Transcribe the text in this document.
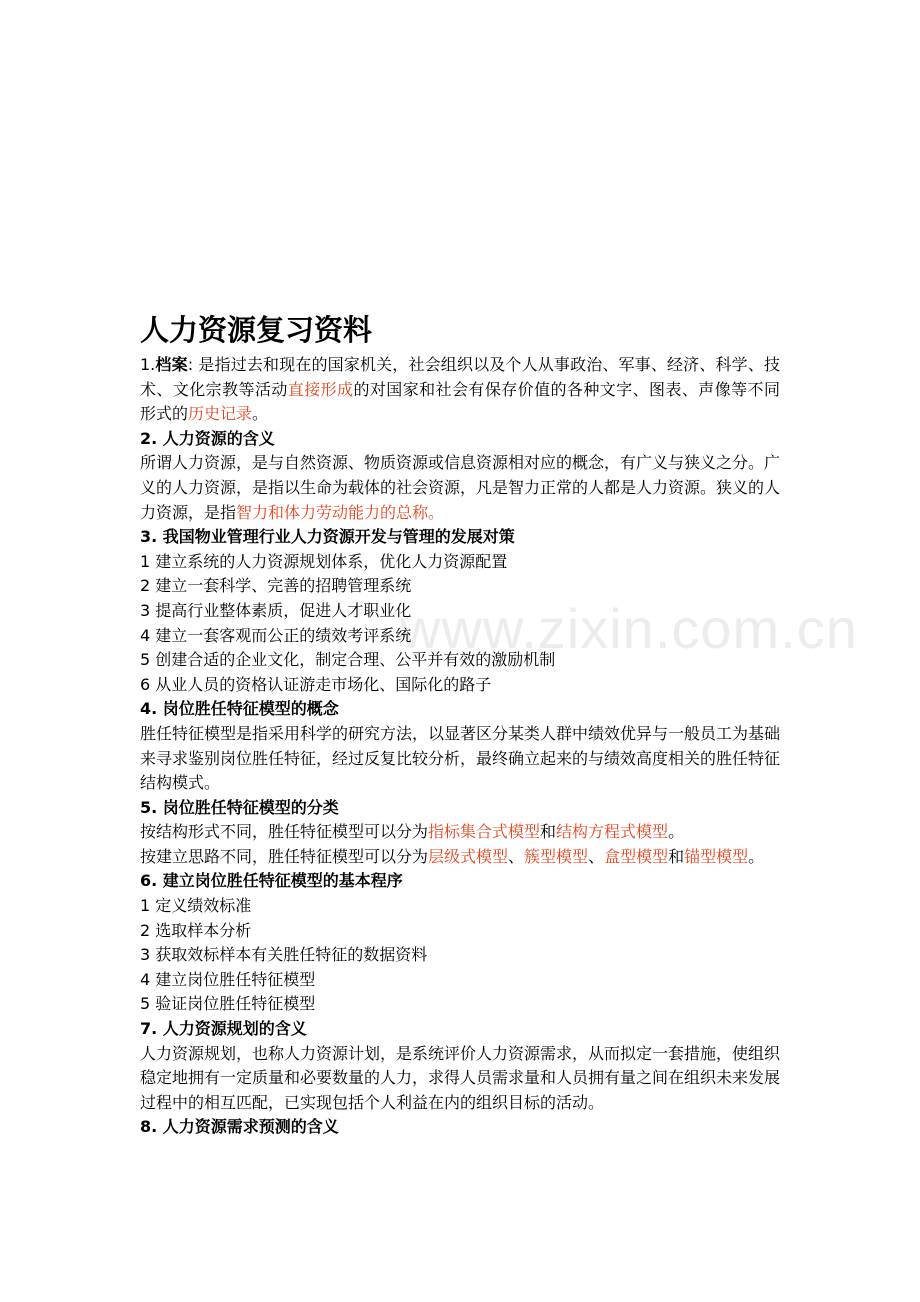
www.zixin.com.cn
人力资源复习资料

1.档案: 是指过去和现在的国家机关，社会组织以及个人从事政治、军事、经济、科学、技术、文化宗教等活动直接形成的对国家和社会有保存价值的各种文字、图表、声像等不同形式的历史记录。

2. 人力资源的含义

所谓人力资源，是与自然资源、物质资源或信息资源相对应的概念，有广义与狭义之分。广义的人力资源，是指以生命为载体的社会资源，凡是智力正常的人都是人力资源。狭义的人力资源，是指智力和体力劳动能力的总称。

3. 我国物业管理行业人力资源开发与管理的发展对策

1 建立系统的人力资源规划体系，优化人力资源配置

2 建立一套科学、完善的招聘管理系统

3 提高行业整体素质，促进人才职业化

4 建立一套客观而公正的绩效考评系统

5 创建合适的企业文化，制定合理、公平并有效的激励机制

6 从业人员的资格认证游走市场化、国际化的路子

4. 岗位胜任特征模型的概念

胜任特征模型是指采用科学的研究方法，以显著区分某类人群中绩效优异与一般员工为基础来寻求鉴别岗位胜任特征，经过反复比较分析，最终确立起来的与绩效高度相关的胜任特征结构模式。

5. 岗位胜任特征模型的分类

按结构形式不同，胜任特征模型可以分为指标集合式模型和结构方程式模型。

按建立思路不同，胜任特征模型可以分为层级式模型、簇型模型、盒型模型和锚型模型。

6. 建立岗位胜任特征模型的基本程序

1 定义绩效标准

2 选取样本分析

3 获取效标样本有关胜任特征的数据资料

4 建立岗位胜任特征模型

5 验证岗位胜任特征模型

7. 人力资源规划的含义

人力资源规划，也称人力资源计划，是系统评价人力资源需求，从而拟定一套措施，使组织稳定地拥有一定质量和必要数量的人力，求得人员需求量和人员拥有量之间在组织未来发展过程中的相互匹配，已实现包括个人利益在内的组织目标的活动。

8. 人力资源需求预测的含义
